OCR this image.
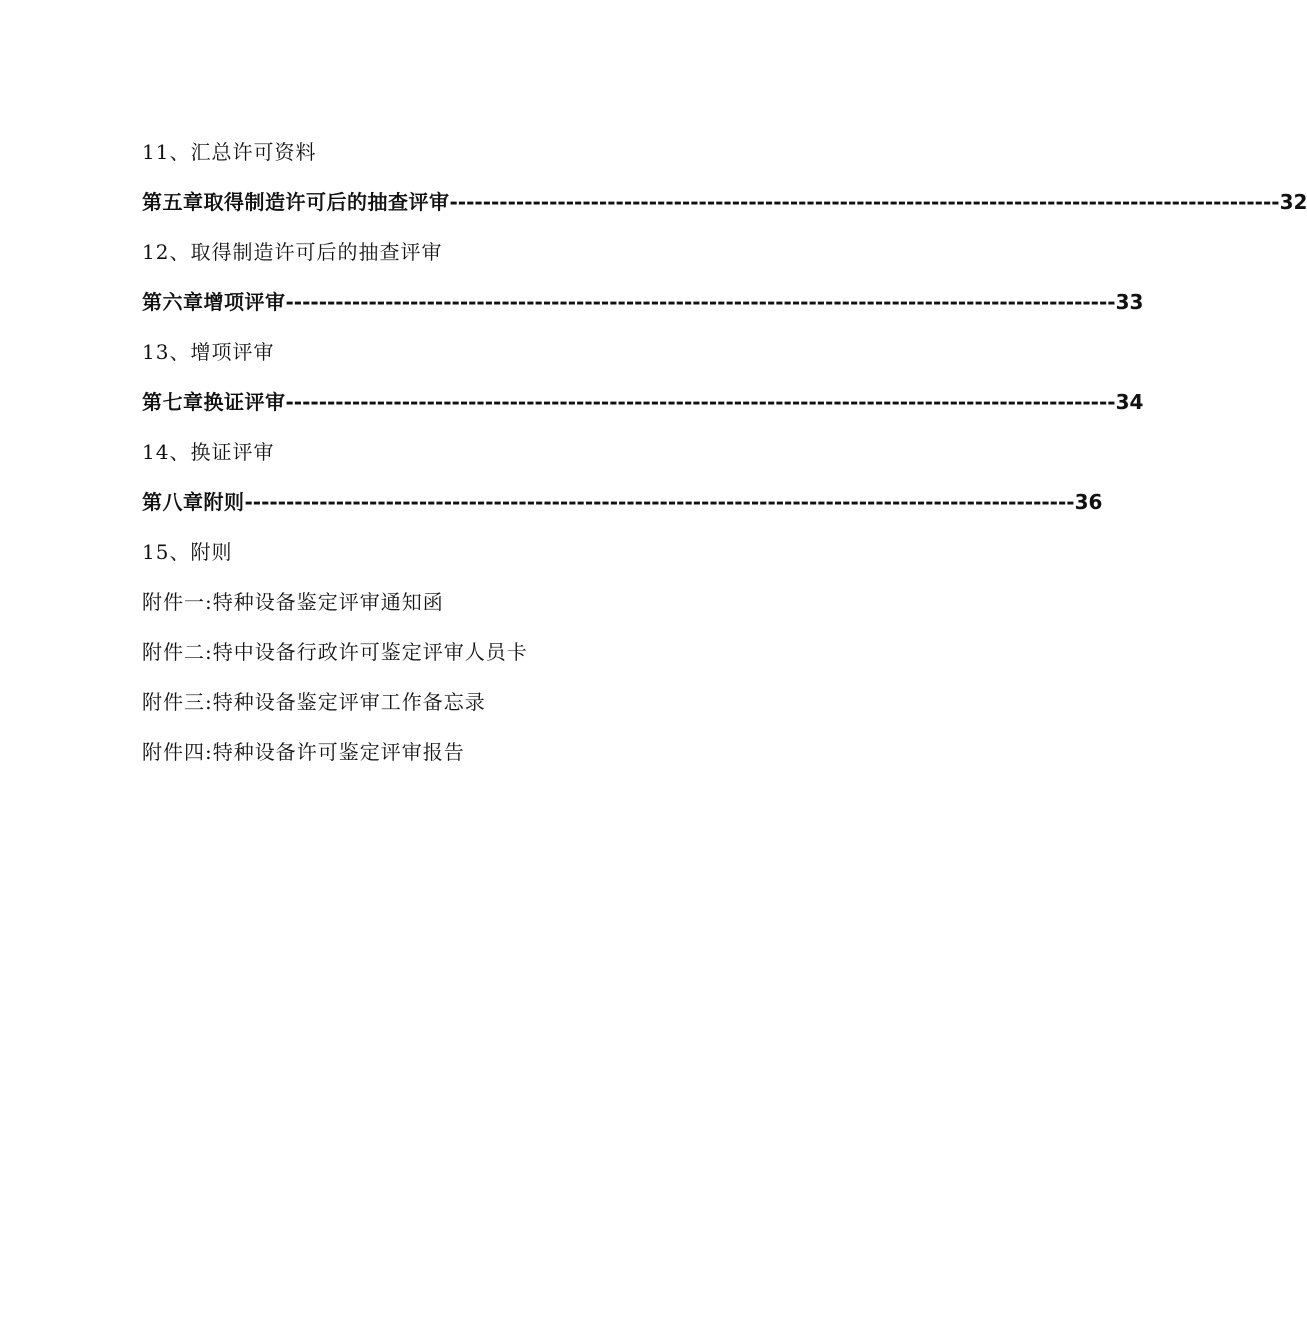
11、汇总许可资料
第五章 取得制造许可后的抽查评审 ---------------------------------------------------------------------------------------------------- 32
12、取得制造许可后的抽查评审
第六章 增项评审 ---------------------------------------------------------------------------------------------------- 33
13、增项评审
第七章 换证评审 ---------------------------------------------------------------------------------------------------- 34
14、换证评审
第八章 附则 ---------------------------------------------------------------------------------------------------- 36
15、附则
附件一:特种设备鉴定评审通知函
附件二:特中设备行政许可鉴定评审人员卡
附件三:特种设备鉴定评审工作备忘录
附件四:特种设备许可鉴定评审报告
